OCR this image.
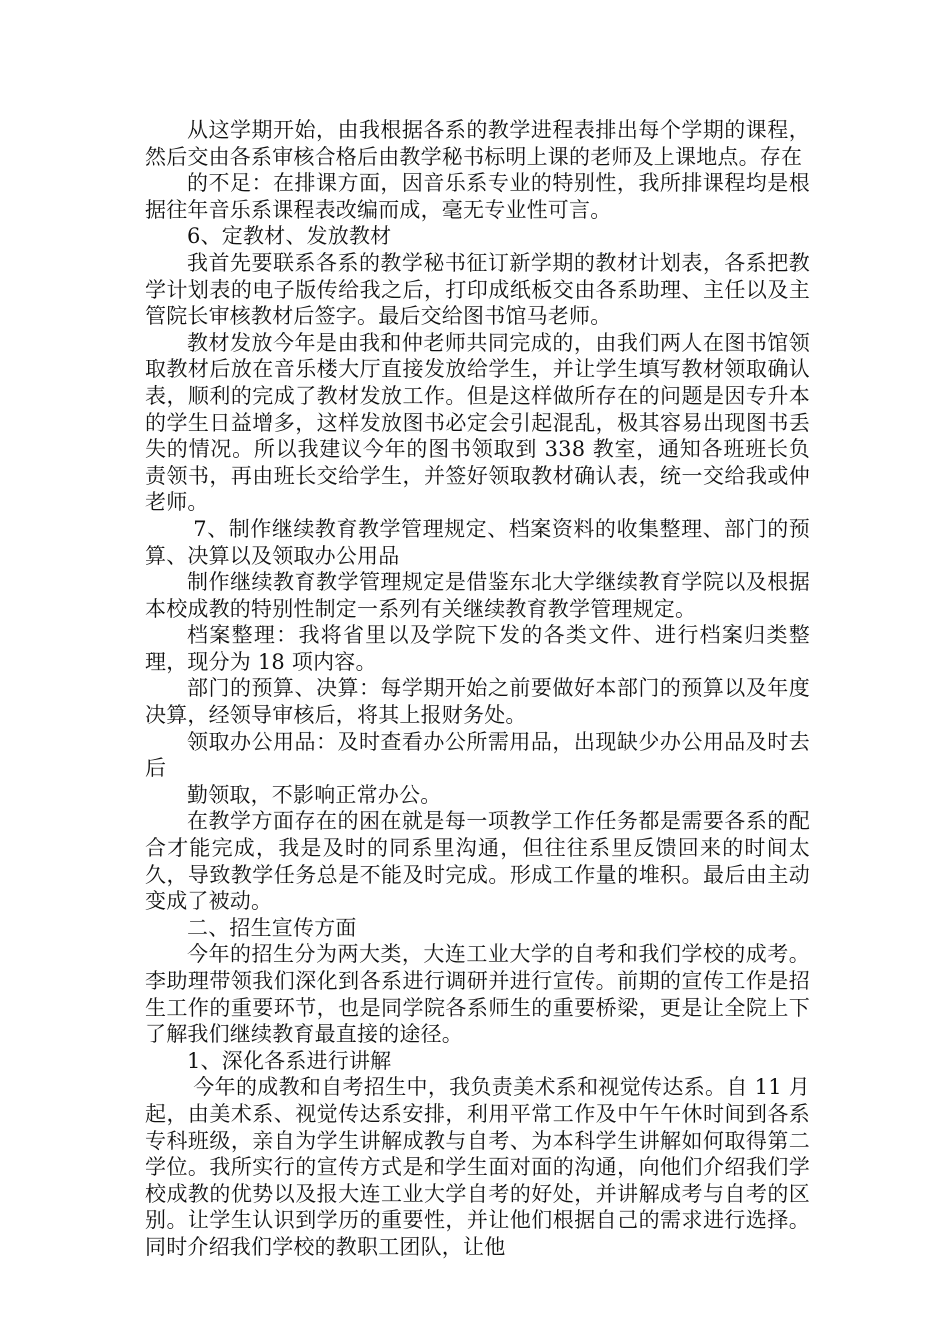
从这学期开始，由我根据各系的教学进程表排出每个学期的课程，然后交由各系审核合格后由教学秘书标明上课的老师及上课地点。存在

的不足：在排课方面，因音乐系专业的特别性，我所排课程均是根据往年音乐系课程表改编而成，毫无专业性可言。

6、定教材、发放教材

我首先要联系各系的教学秘书征订新学期的教材计划表，各系把教学计划表的电子版传给我之后，打印成纸板交由各系助理、主任以及主管院长审核教材后签字。最后交给图书馆马老师。

教材发放今年是由我和仲老师共同完成的，由我们两人在图书馆领取教材后放在音乐楼大厅直接发放给学生，并让学生填写教材领取确认表，顺利的完成了教材发放工作。但是这样做所存在的问题是因专升本的学生日益增多，这样发放图书必定会引起混乱，极其容易出现图书丢失的情况。所以我建议今年的图书领取到 338 教室，通知各班班长负责领书，再由班长交给学生，并签好领取教材确认表，统一交给我或仲老师。

7、制作继续教育教学管理规定、档案资料的收集整理、部门的预算、决算以及领取办公用品

制作继续教育教学管理规定是借鉴东北大学继续教育学院以及根据本校成教的特别性制定一系列有关继续教育教学管理规定。

档案整理：我将省里以及学院下发的各类文件、进行档案归类整理，现分为 18 项内容。

部门的预算、决算：每学期开始之前要做好本部门的预算以及年度决算，经领导审核后，将其上报财务处。

领取办公用品：及时查看办公所需用品，出现缺少办公用品及时去后

勤领取，不影响正常办公。

在教学方面存在的困在就是每一项教学工作任务都是需要各系的配合才能完成，我是及时的同系里沟通，但往往系里反馈回来的时间太久，导致教学任务总是不能及时完成。形成工作量的堆积。最后由主动变成了被动。

二、招生宣传方面

今年的招生分为两大类，大连工业大学的自考和我们学校的成考。 李助理带领我们深化到各系进行调研并进行宣传。前期的宣传工作是招生工作的重要环节，也是同学院各系师生的重要桥梁，更是让全院上下了解我们继续教育最直接的途径。

1、深化各系进行讲解

今年的成教和自考招生中，我负责美术系和视觉传达系。自 11 月起，由美术系、视觉传达系安排，利用平常工作及中午午休时间到各系专科班级，亲自为学生讲解成教与自考、为本科学生讲解如何取得第二学位。我所实行的宣传方式是和学生面对面的沟通，向他们介绍我们学校成教的优势以及报大连工业大学自考的好处，并讲解成考与自考的区别。让学生认识到学历的重要性，并让他们根据自己的需求进行选择。同时介绍我们学校的教职工团队，让他
